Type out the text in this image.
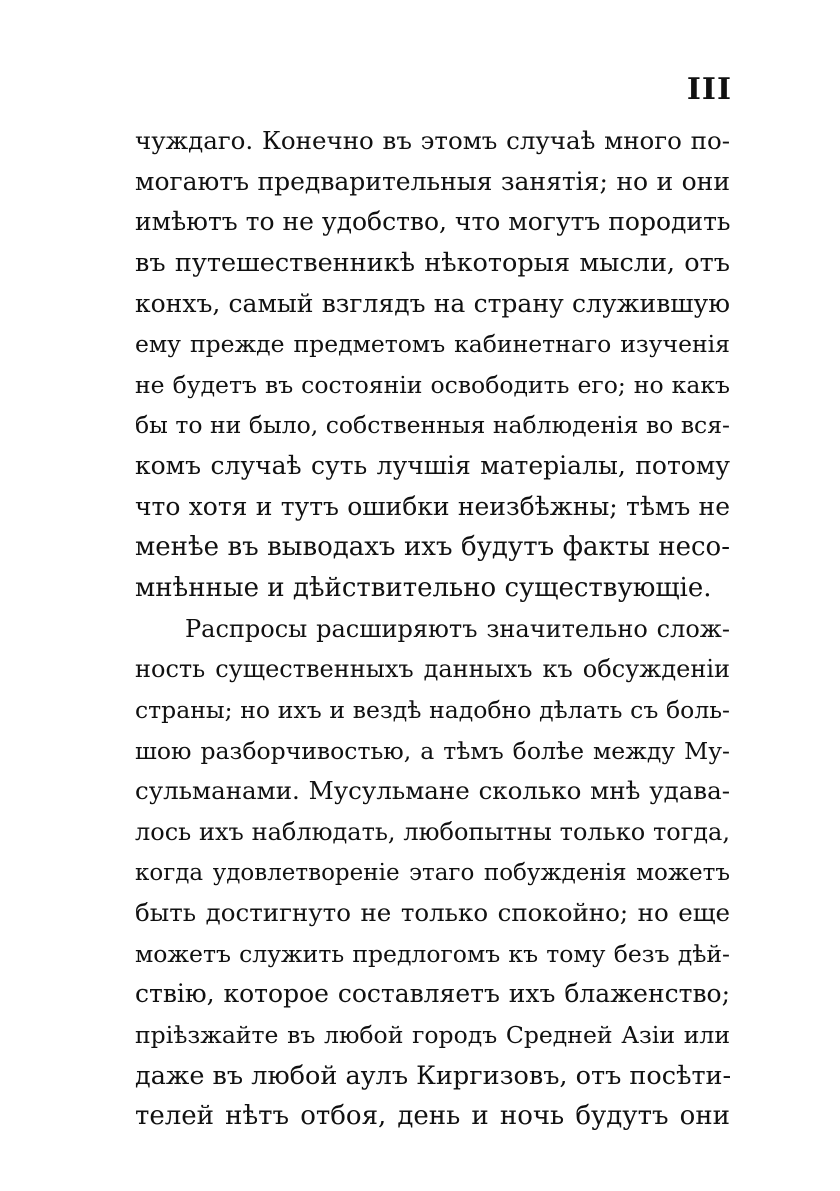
III
чуждаго. Конечно въ этомъ случаѣ много по-
могаютъ предварительныя занятія; но и они
имѣютъ то не удобство, что могутъ породить
въ путешественникѣ нѣкоторыя мысли, отъ
конхъ, самый взглядъ на страну служившую
ему прежде предметомъ кабинетнаго изученія
не будетъ въ состояніи освободить его; но какъ
бы то ни было, собственныя наблюденія во вся-
комъ случаѣ суть лучшія матеріалы, потому
что хотя и тутъ ошибки неизбѣжны; тѣмъ не
менѣе въ выводахъ ихъ будутъ факты несо-
мнѣнные и дѣйствительно существующіе.
Распросы расширяютъ значительно слож-
ность существенныхъ данныхъ къ обсужденіи
страны; но ихъ и вездѣ надобно дѣлать съ боль-
шою разборчивостью, а тѣмъ болѣе между Му-
сульманами. Мусульмане сколько мнѣ удава-
лось ихъ наблюдать, любопытны только тогда,
когда удовлетвореніе этаго побужденія можетъ
быть достигнуто не только спокойно; но еще
можетъ служить предлогомъ къ тому безъ дѣй-
ствію, которое составляетъ ихъ блаженство;
пріѣзжайте въ любой городъ Средней Азіи или
даже въ любой аулъ Киргизовъ, отъ посѣти-
телей нѣтъ отбоя, день и ночь будутъ они
